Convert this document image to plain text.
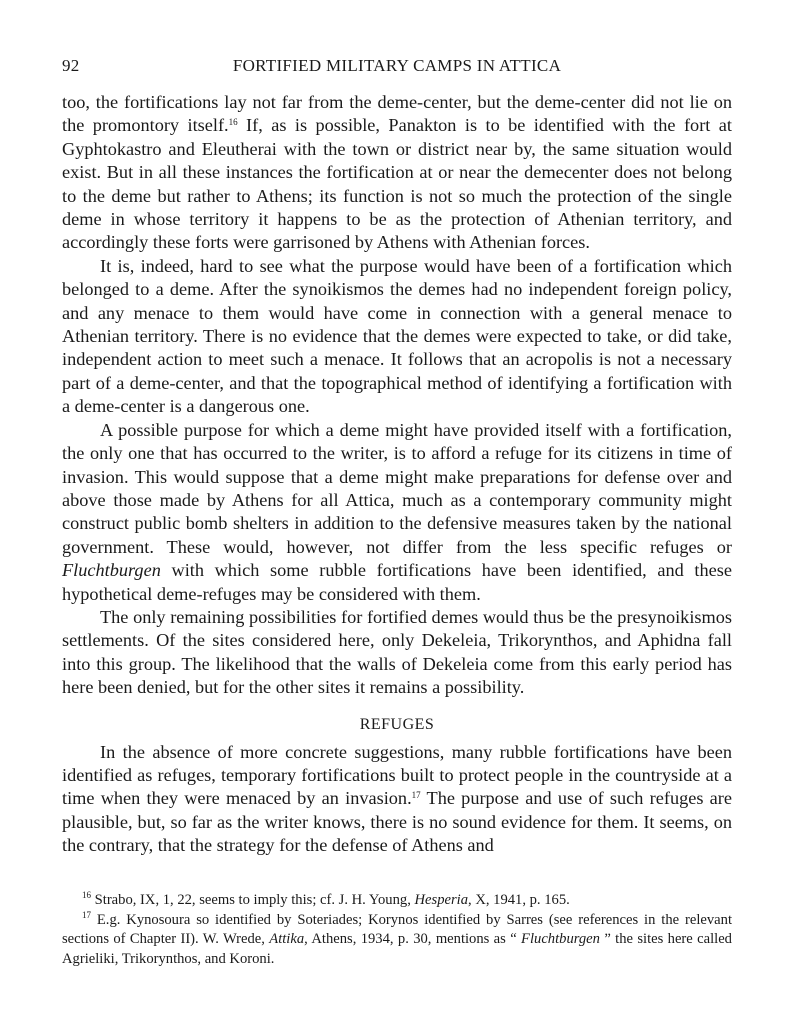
92	FORTIFIED MILITARY CAMPS IN ATTICA

too, the fortifications lay not far from the deme-center, but the deme-center did not lie on the promontory itself.$^{16}$ If, as is possible, Panakton is to be identified with the fort at Gyphtokastro and Eleutherai with the town or district near by, the same situation would exist. But in all these instances the fortification at or near the demecenter does not belong to the deme but rather to Athens; its function is not so much the protection of the single deme in whose territory it happens to be as the protection of Athenian territory, and accordingly these forts were garrisoned by Athens with Athenian forces.

It is, indeed, hard to see what the purpose would have been of a fortification which belonged to a deme. After the synoikismos the demes had no independent foreign policy, and any menace to them would have come in connection with a general menace to Athenian territory. There is no evidence that the demes were expected to take, or did take, independent action to meet such a menace. It follows that an acropolis is not a necessary part of a deme-center, and that the topographical method of identifying a fortification with a deme-center is a dangerous one.

A possible purpose for which a deme might have provided itself with a fortification, the only one that has occurred to the writer, is to afford a refuge for its citizens in time of invasion. This would suppose that a deme might make preparations for defense over and above those made by Athens for all Attica, much as a contemporary community might construct public bomb shelters in addition to the defensive measures taken by the national government. These would, however, not differ from the less specific refuges or Fluchtburgen with which some rubble fortifications have been identified, and these hypothetical deme-refuges may be considered with them.

The only remaining possibilities for fortified demes would thus be the presynoikismos settlements. Of the sites considered here, only Dekeleia, Trikorynthos, and Aphidna fall into this group. The likelihood that the walls of Dekeleia come from this early period has here been denied, but for the other sites it remains a possibility.

REFUGES

In the absence of more concrete suggestions, many rubble fortifications have been identified as refuges, temporary fortifications built to protect people in the countryside at a time when they were menaced by an invasion.$^{17}$ The purpose and use of such refuges are plausible, but, so far as the writer knows, there is no sound evidence for them. It seems, on the contrary, that the strategy for the defense of Athens and

$^{16}$ Strabo, IX, 1, 22, seems to imply this; cf. J. H. Young, Hesperia, X, 1941, p. 165.

$^{17}$ E.g. Kynosoura so identified by Soteriades; Korynos identified by Sarres (see references in the relevant sections of Chapter II). W. Wrede, Attika, Athens, 1934, p. 30, mentions as “ Fluchtburgen ” the sites here called Agrieliki, Trikorynthos, and Koroni.
